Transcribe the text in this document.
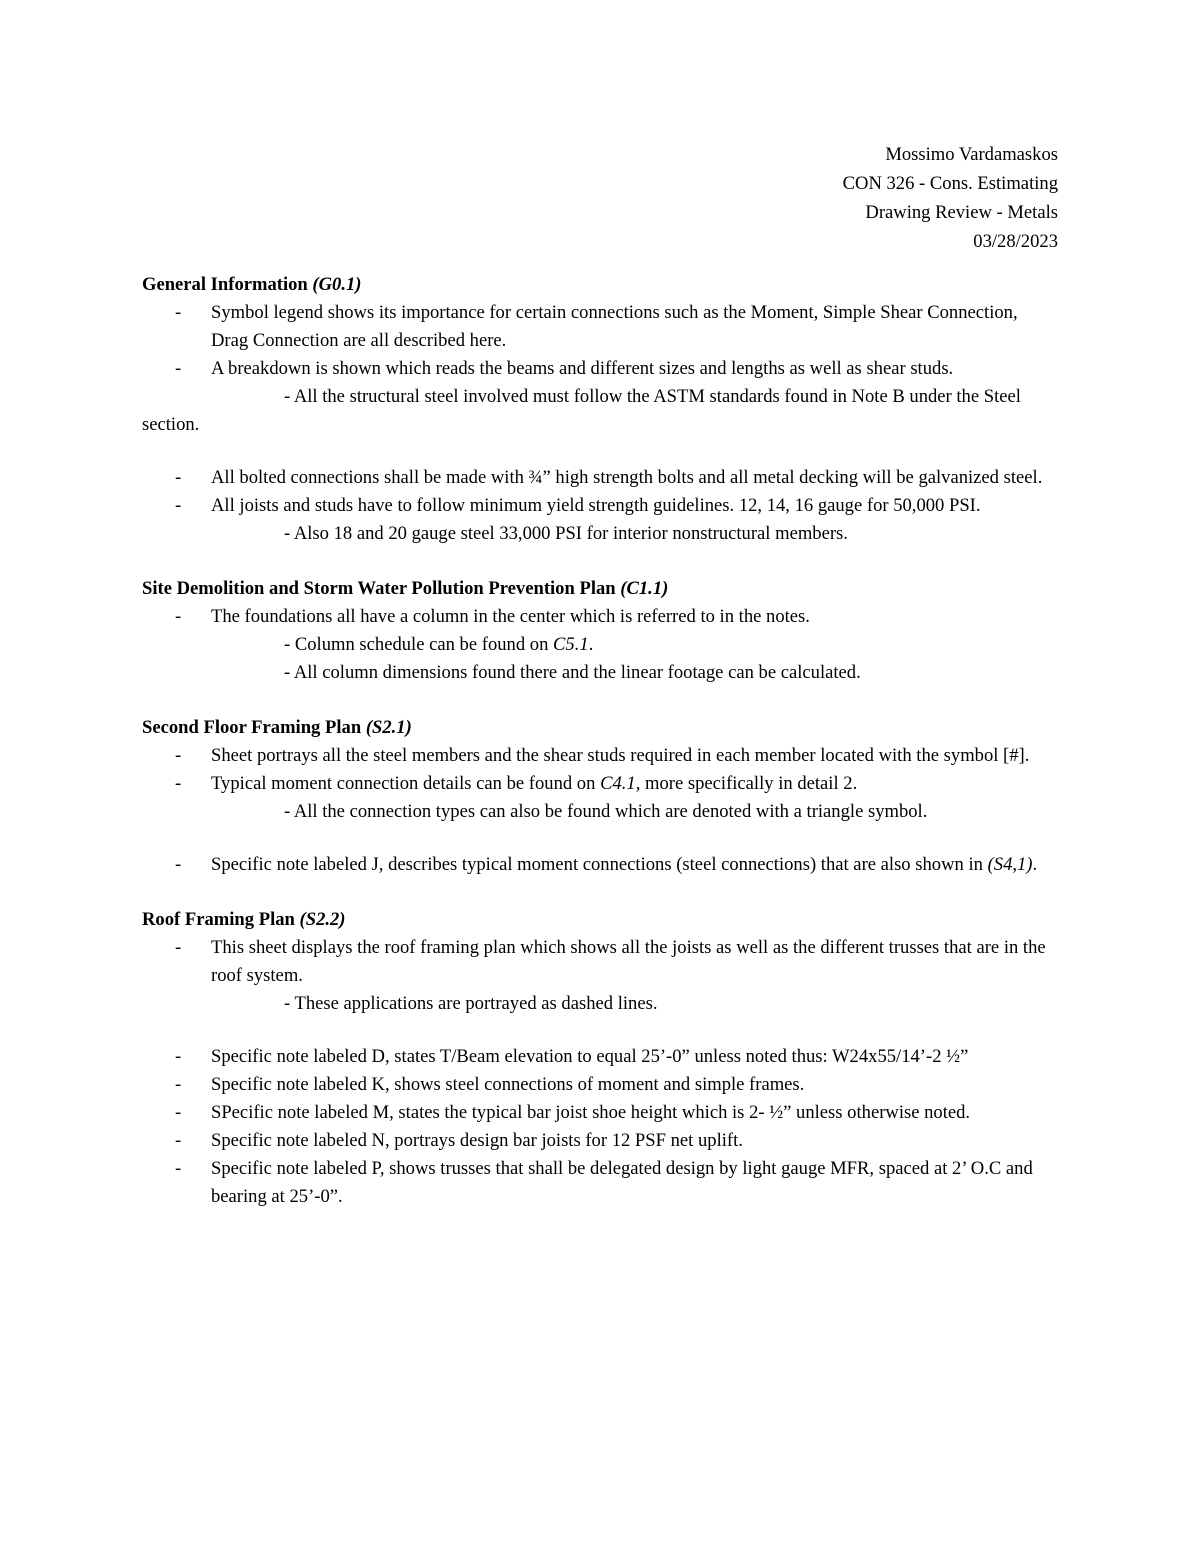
Mossimo Vardamaskos
CON 326 - Cons. Estimating
Drawing Review - Metals
03/28/2023
General Information (G0.1)
- Symbol legend shows its importance for certain connections such as the Moment, Simple Shear Connection, Drag Connection are all described here.
- A breakdown is shown which reads the beams and different sizes and lengths as well as shear studs.
- All the structural steel involved must follow the ASTM standards found in Note B under the Steel section.
- All bolted connections shall be made with ¾” high strength bolts and all metal decking will be galvanized steel.
- All joists and studs have to follow minimum yield strength guidelines. 12, 14, 16 gauge for 50,000 PSI.
- Also 18 and 20 gauge steel 33,000 PSI for interior nonstructural members.
Site Demolition and Storm Water Pollution Prevention Plan (C1.1)
- The foundations all have a column in the center which is referred to in the notes.
- Column schedule can be found on C5.1.
- All column dimensions found there and the linear footage can be calculated.
Second Floor Framing Plan (S2.1)
- Sheet portrays all the steel members and the shear studs required in each member located with the symbol [#].
- Typical moment connection details can be found on C4.1, more specifically in detail 2.
- All the connection types can also be found which are denoted with a triangle symbol.
- Specific note labeled J, describes typical moment connections (steel connections) that are also shown in (S4,1).
Roof Framing Plan (S2.2)
- This sheet displays the roof framing plan which shows all the joists as well as the different trusses that are in the roof system.
- These applications are portrayed as dashed lines.
- Specific note labeled D, states T/Beam elevation to equal 25’-0” unless noted thus: W24x55/14’-2 ½”
- Specific note labeled K, shows steel connections of moment and simple frames.
- SPecific note labeled M, states the typical bar joist shoe height which is 2- ½” unless otherwise noted.
- Specific note labeled N, portrays design bar joists for 12 PSF net uplift.
- Specific note labeled P, shows trusses that shall be delegated design by light gauge MFR, spaced at 2’ O.C and bearing at 25’-0”.
